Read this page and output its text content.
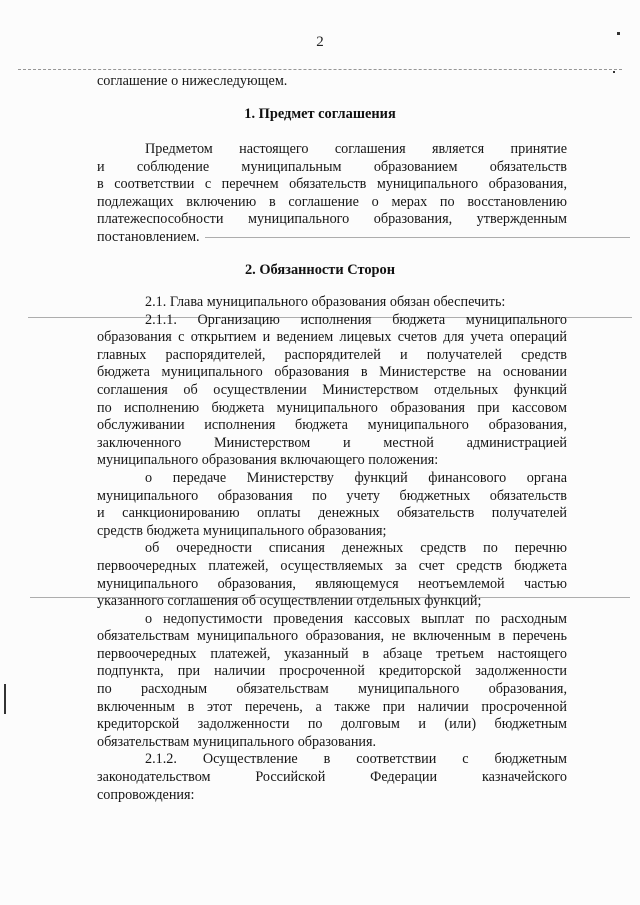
2
соглашение о нижеследующем.
1. Предмет соглашения
Предметом настоящего соглашения является принятие
и соблюдение муниципальным образованием обязательств
в соответствии с перечнем обязательств муниципального образования,
подлежащих включению в соглашение о мерах по восстановлению
платежеспособности муниципального образования, утвержденным
постановлением.
2. Обязанности Сторон
2.1. Глава муниципального образования обязан обеспечить:
2.1.1. Организацию исполнения бюджета муниципального
образования с открытием и ведением лицевых счетов для учета операций
главных распорядителей, распорядителей и получателей средств
бюджета муниципального образования в Министерстве на основании
соглашения об осуществлении Министерством отдельных функций
по исполнению бюджета муниципального образования при кассовом
обслуживании исполнения бюджета муниципального образования,
заключенного Министерством и местной администрацией
муниципального образования включающего положения:
о передаче Министерству функций финансового органа
муниципального образования по учету бюджетных обязательств
и санкционированию оплаты денежных обязательств получателей
средств бюджета муниципального образования;
об очередности списания денежных средств по перечню
первоочередных платежей, осуществляемых за счет средств бюджета
муниципального образования, являющемуся неотъемлемой частью
указанного соглашения об осуществлении отдельных функций;
о недопустимости проведения кассовых выплат по расходным
обязательствам муниципального образования, не включенным в перечень
первоочередных платежей, указанный в абзаце третьем настоящего
подпункта, при наличии просроченной кредиторской задолженности
по расходным обязательствам муниципального образования,
включенным в этот перечень, а также при наличии просроченной
кредиторской задолженности по долговым и (или) бюджетным
обязательствам муниципального образования.
2.1.2. Осуществление в соответствии с бюджетным
законодательством Российской Федерации казначейского
сопровождения:
